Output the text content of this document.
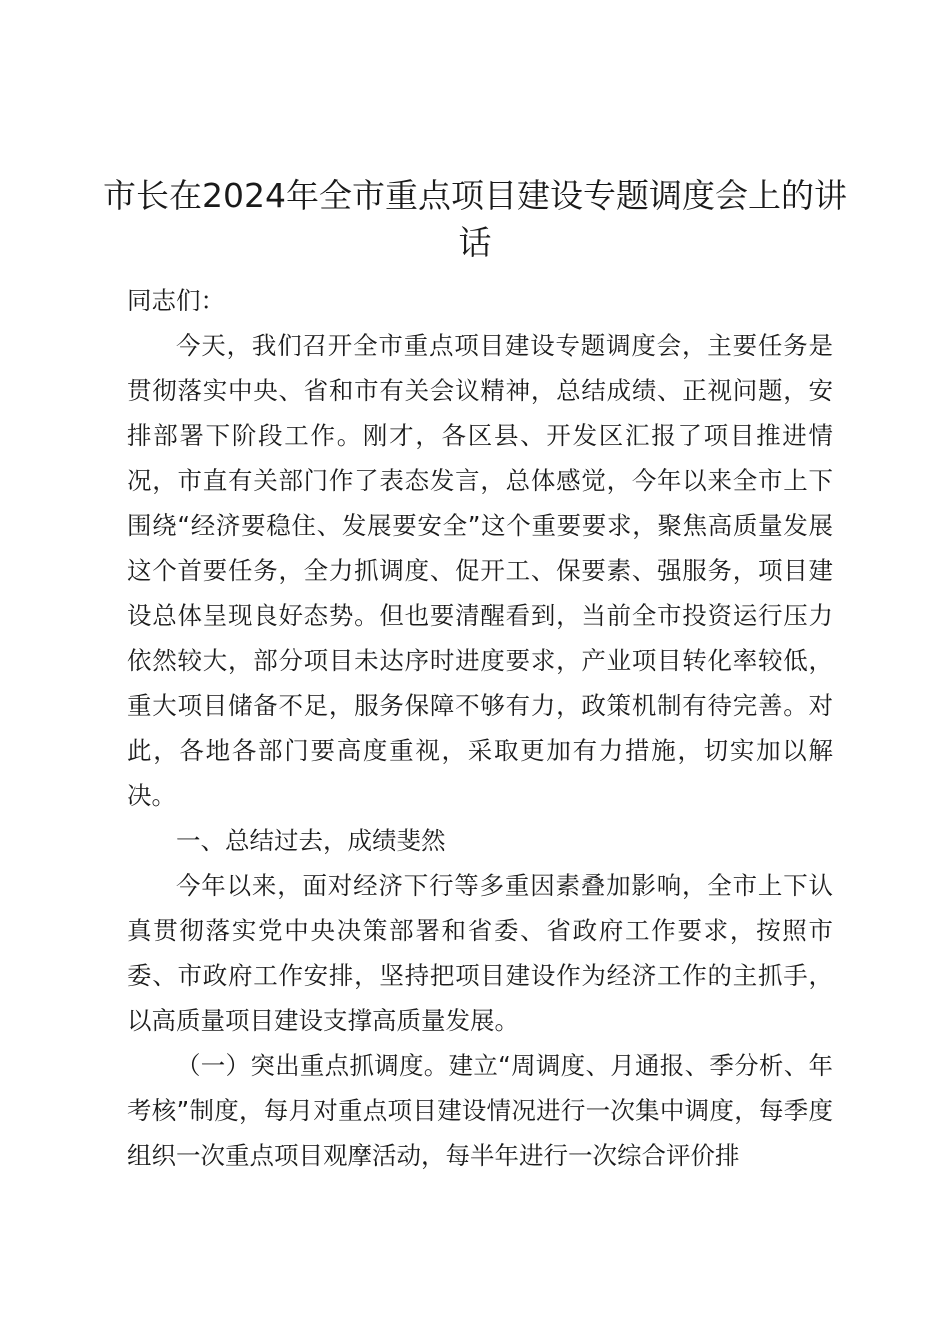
市长在2024年全市重点项目建设专题调度会上的讲话

同志们：

今天，我们召开全市重点项目建设专题调度会，主要任务是贯彻落实中央、省和市有关会议精神，总结成绩、正视问题，安排部署下阶段工作。刚才，各区县、开发区汇报了项目推进情况，市直有关部门作了表态发言，总体感觉，今年以来全市上下围绕“经济要稳住、发展要安全”这个重要要求，聚焦高质量发展这个首要任务，全力抓调度、促开工、保要素、强服务，项目建设总体呈现良好态势。但也要清醒看到，当前全市投资运行压力依然较大，部分项目未达序时进度要求，产业项目转化率较低，重大项目储备不足，服务保障不够有力，政策机制有待完善。对此，各地各部门要高度重视，采取更加有力措施，切实加以解决。

一、总结过去，成绩斐然

今年以来，面对经济下行等多重因素叠加影响，全市上下认真贯彻落实党中央决策部署和省委、省政府工作要求，按照市委、市政府工作安排，坚持把项目建设作为经济工作的主抓手，以高质量项目建设支撑高质量发展。

（一）突出重点抓调度。建立“周调度、月通报、季分析、年考核”制度，每月对重点项目建设情况进行一次集中调度，每季度组织一次重点项目观摩活动，每半年进行一次综合评价排
